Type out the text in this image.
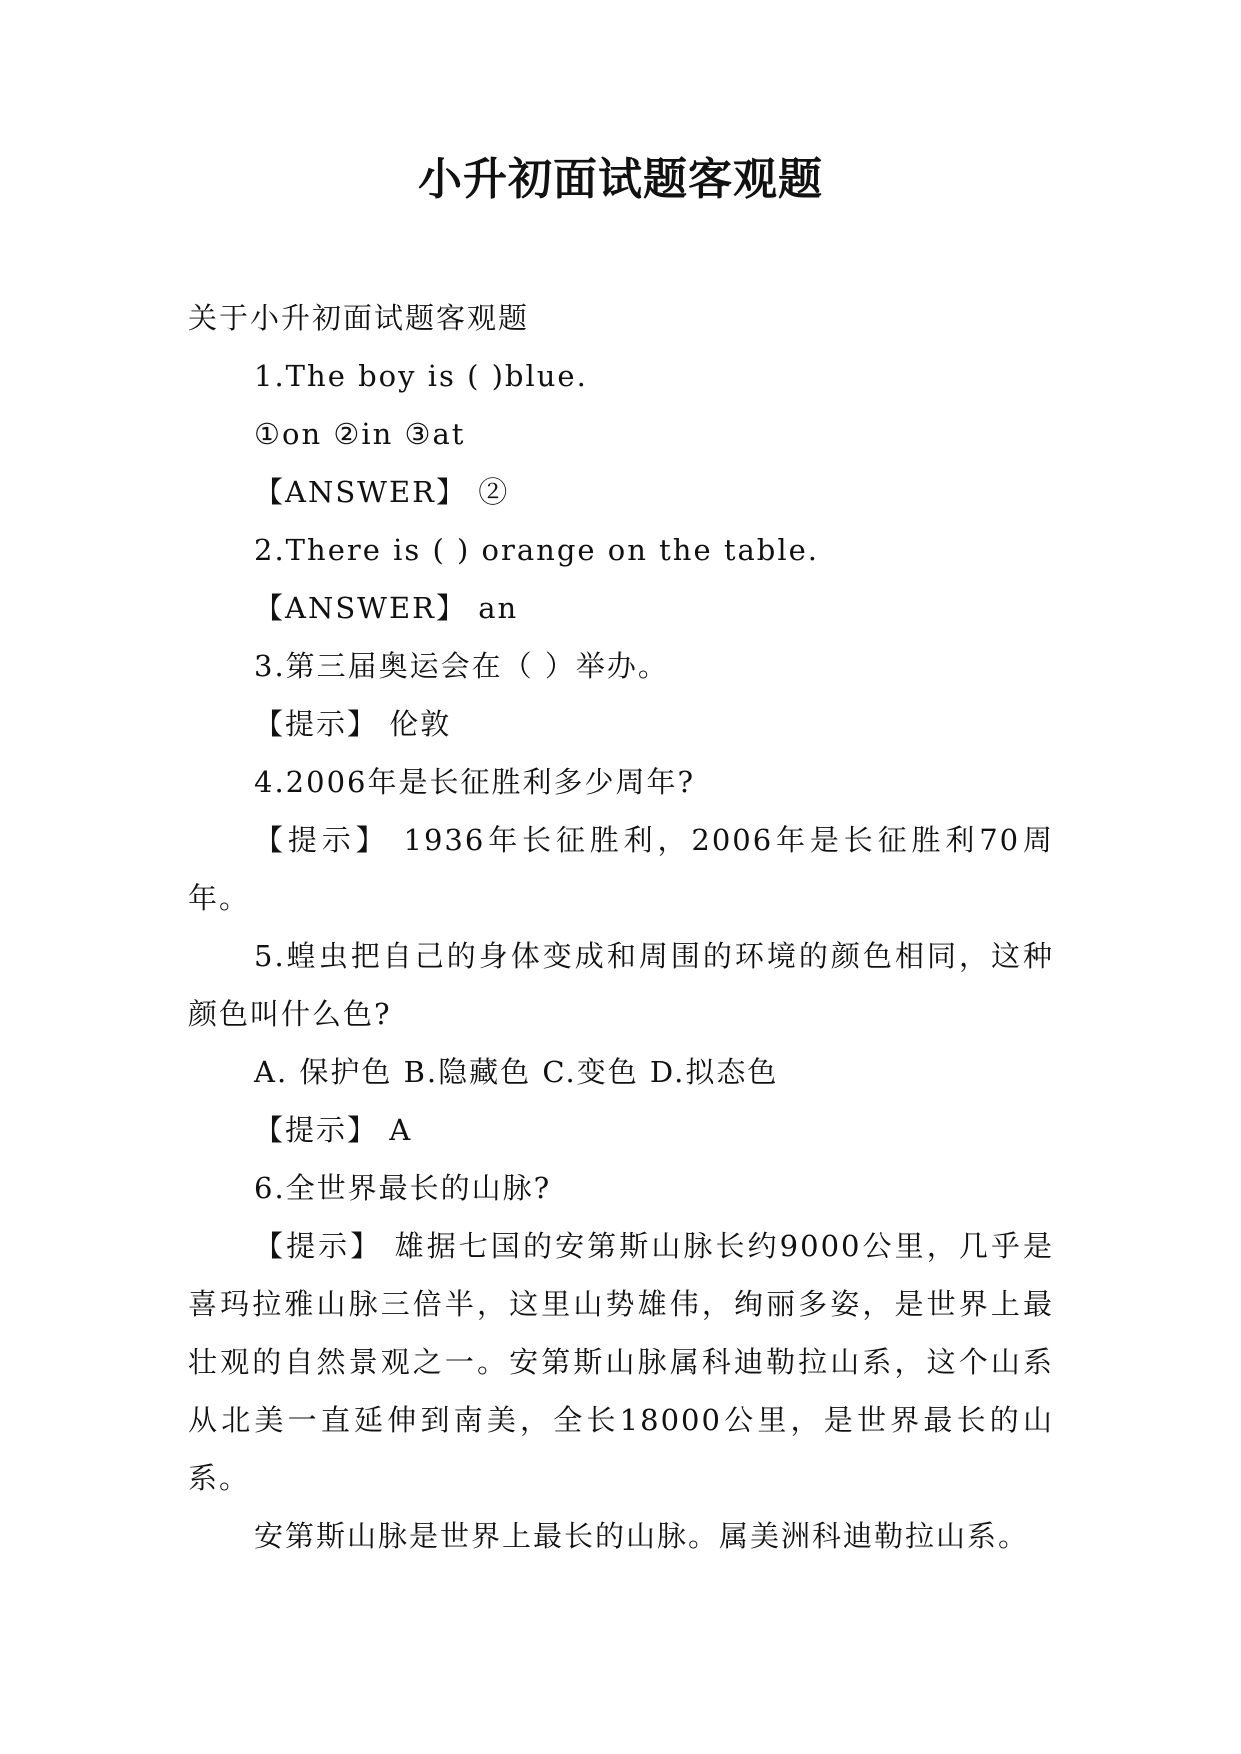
小升初面试题客观题

关于小升初面试题客观题

1.The boy is ( )blue.

①on ②in ③at

【ANSWER】 ②

2.There is ( ) orange on the table.

【ANSWER】 an

3.第三届奥运会在（ ）举办。

【提示】 伦敦

4.2006年是长征胜利多少周年?

【提示】 1936年长征胜利，2006年是长征胜利70周年。

5.蝗虫把自己的身体变成和周围的环境的颜色相同，这种颜色叫什么色?

A. 保护色 B.隐藏色 C.变色 D.拟态色

【提示】 A

6.全世界最长的山脉?

【提示】 雄据七国的安第斯山脉长约9000公里，几乎是喜玛拉雅山脉三倍半，这里山势雄伟，绚丽多姿，是世界上最壮观的自然景观之一。安第斯山脉属科迪勒拉山系，这个山系从北美一直延伸到南美，全长18000公里，是世界最长的山系。

安第斯山脉是世界上最长的山脉。属美洲科迪勒拉山系。
